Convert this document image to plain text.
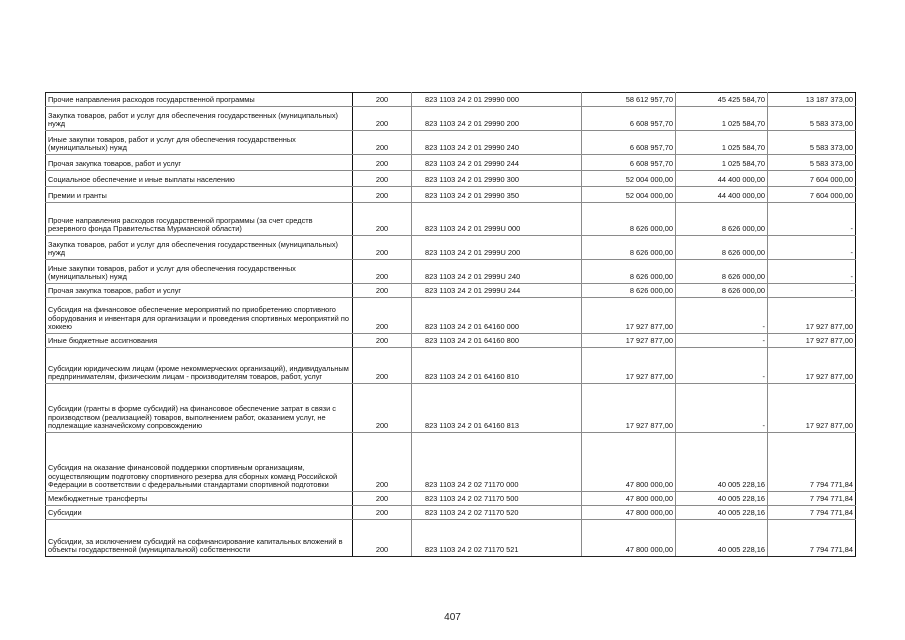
Прочие направления расходов государственной программы	200	823 1103 24 2 01 29990 000	58 612 957,70	45 425 584,70	13 187 373,00
Закупка товаров, работ и услуг для обеспечения государственных (муниципальных) нужд	200	823 1103 24 2 01 29990 200	6 608 957,70	1 025 584,70	5 583 373,00
Иные закупки товаров, работ и услуг для обеспечения государственных (муниципальных) нужд	200	823 1103 24 2 01 29990 240	6 608 957,70	1 025 584,70	5 583 373,00
Прочая закупка товаров, работ и услуг	200	823 1103 24 2 01 29990 244	6 608 957,70	1 025 584,70	5 583 373,00
Социальное обеспечение и иные выплаты населению	200	823 1103 24 2 01 29990 300	52 004 000,00	44 400 000,00	7 604 000,00
Премии и гранты	200	823 1103 24 2 01 29990 350	52 004 000,00	44 400 000,00	7 604 000,00
Прочие направления расходов государственной программы (за счет средств резервного фонда Правительства Мурманской области)	200	823 1103 24 2 01 2999U 000	8 626 000,00	8 626 000,00	-
Закупка товаров, работ и услуг для обеспечения государственных (муниципальных) нужд	200	823 1103 24 2 01 2999U 200	8 626 000,00	8 626 000,00	-
Иные закупки товаров, работ и услуг для обеспечения государственных (муниципальных) нужд	200	823 1103 24 2 01 2999U 240	8 626 000,00	8 626 000,00	-
Прочая закупка товаров, работ и услуг	200	823 1103 24 2 01 2999U 244	8 626 000,00	8 626 000,00	-
Субсидия на финансовое обеспечение мероприятий по приобретению спортивного оборудования и инвентаря для организации и проведения спортивных мероприятий по хоккею	200	823 1103 24 2 01 64160 000	17 927 877,00	-	17 927 877,00
Иные бюджетные ассигнования	200	823 1103 24 2 01 64160 800	17 927 877,00	-	17 927 877,00
Субсидии юридическим лицам (кроме некоммерческих организаций), индивидуальным предпринимателям, физическим лицам - производителям товаров, работ, услуг	200	823 1103 24 2 01 64160 810	17 927 877,00	-	17 927 877,00
Субсидии (гранты в форме субсидий) на финансовое обеспечение затрат в связи с производством (реализацией) товаров, выполнением работ, оказанием услуг, не подлежащие казначейскому сопровождению	200	823 1103 24 2 01 64160 813	17 927 877,00	-	17 927 877,00
Субсидия на оказание финансовой поддержки спортивным организациям, осуществляющим подготовку спортивного резерва для сборных команд Российской Федерации в соответствии с федеральными стандартами спортивной подготовки	200	823 1103 24 2 02 71170 000	47 800 000,00	40 005 228,16	7 794 771,84
Межбюджетные трансферты	200	823 1103 24 2 02 71170 500	47 800 000,00	40 005 228,16	7 794 771,84
Субсидии	200	823 1103 24 2 02 71170 520	47 800 000,00	40 005 228,16	7 794 771,84
Субсидии, за исключением субсидий на софинансирование капитальных вложений в объекты государственной (муниципальной) собственности	200	823 1103 24 2 02 71170 521	47 800 000,00	40 005 228,16	7 794 771,84
407
